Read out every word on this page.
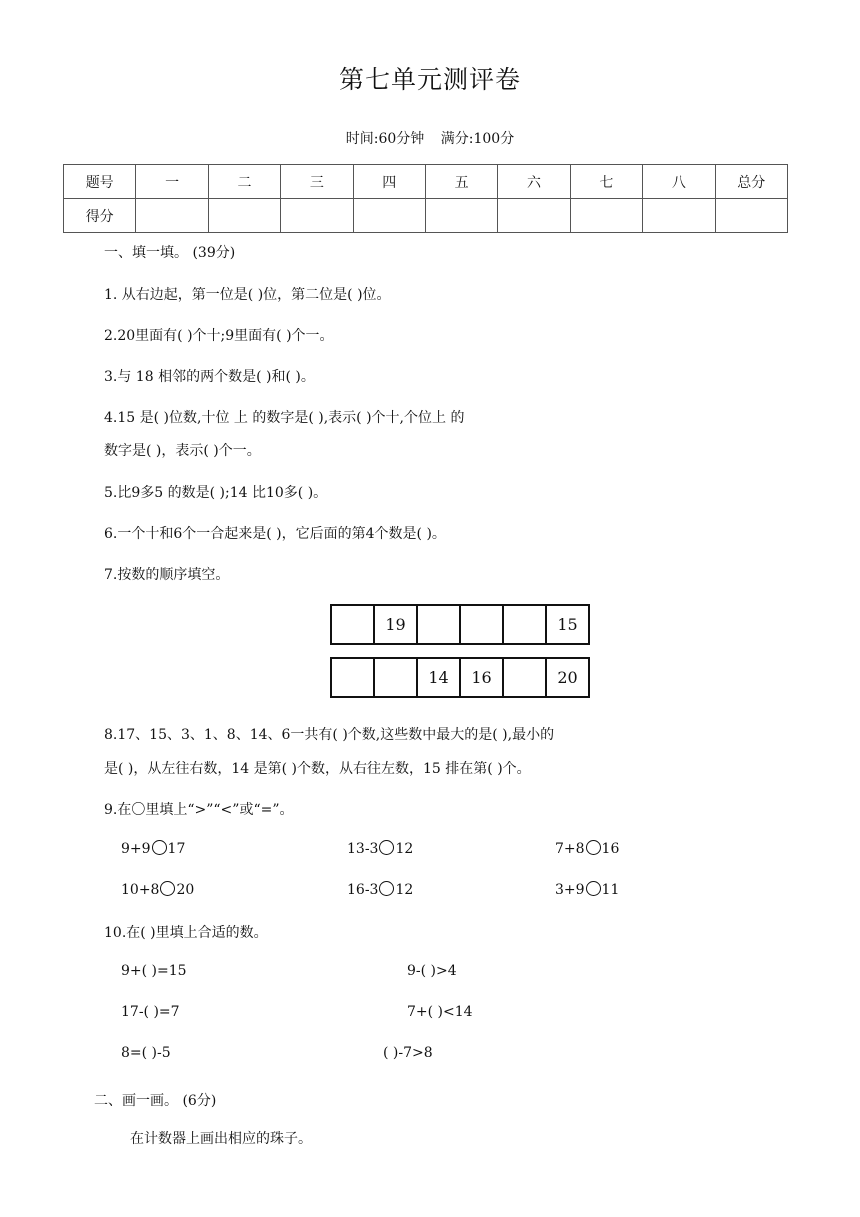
第七单元测评卷
时间:60分钟 满分:100分
题号	一	二	三	四	五	六	七	八	总分
得分									
一、填一填。 (39分)
1. 从右边起，第一位是( )位，第二位是( )位。
2.20里面有( )个十;9里面有( )个一。
3.与 18 相邻的两个数是( )和( )。
4.15 是( )位数,十位 上 的数字是( ),表示( )个十,个位上 的
数字是( )，表示( )个一。
5.比9多5 的数是( );14 比10多( )。
6.一个十和6个一合起来是( )，它后面的第4个数是( )。
7.按数的顺序填空。
	19				15
		14	16		20
8.17、15、3、1、8、14、6一共有( )个数,这些数中最大的是( ),最小的
是( )，从左往右数，14 是第( )个数，从右往左数，15 排在第( )个。
9.在〇里填上“>”“<”或“=”。
9+9 17	13-3 12	7+8 16
10+8 20	16-3 12	3+9 11
10.在( )里填上合适的数。
9+( )=15	9-( )>4
17-( )=7	7+( )<14
8=( )-5	( )-7>8
二、画一画。 (6分)
在计数器上画出相应的珠子。
